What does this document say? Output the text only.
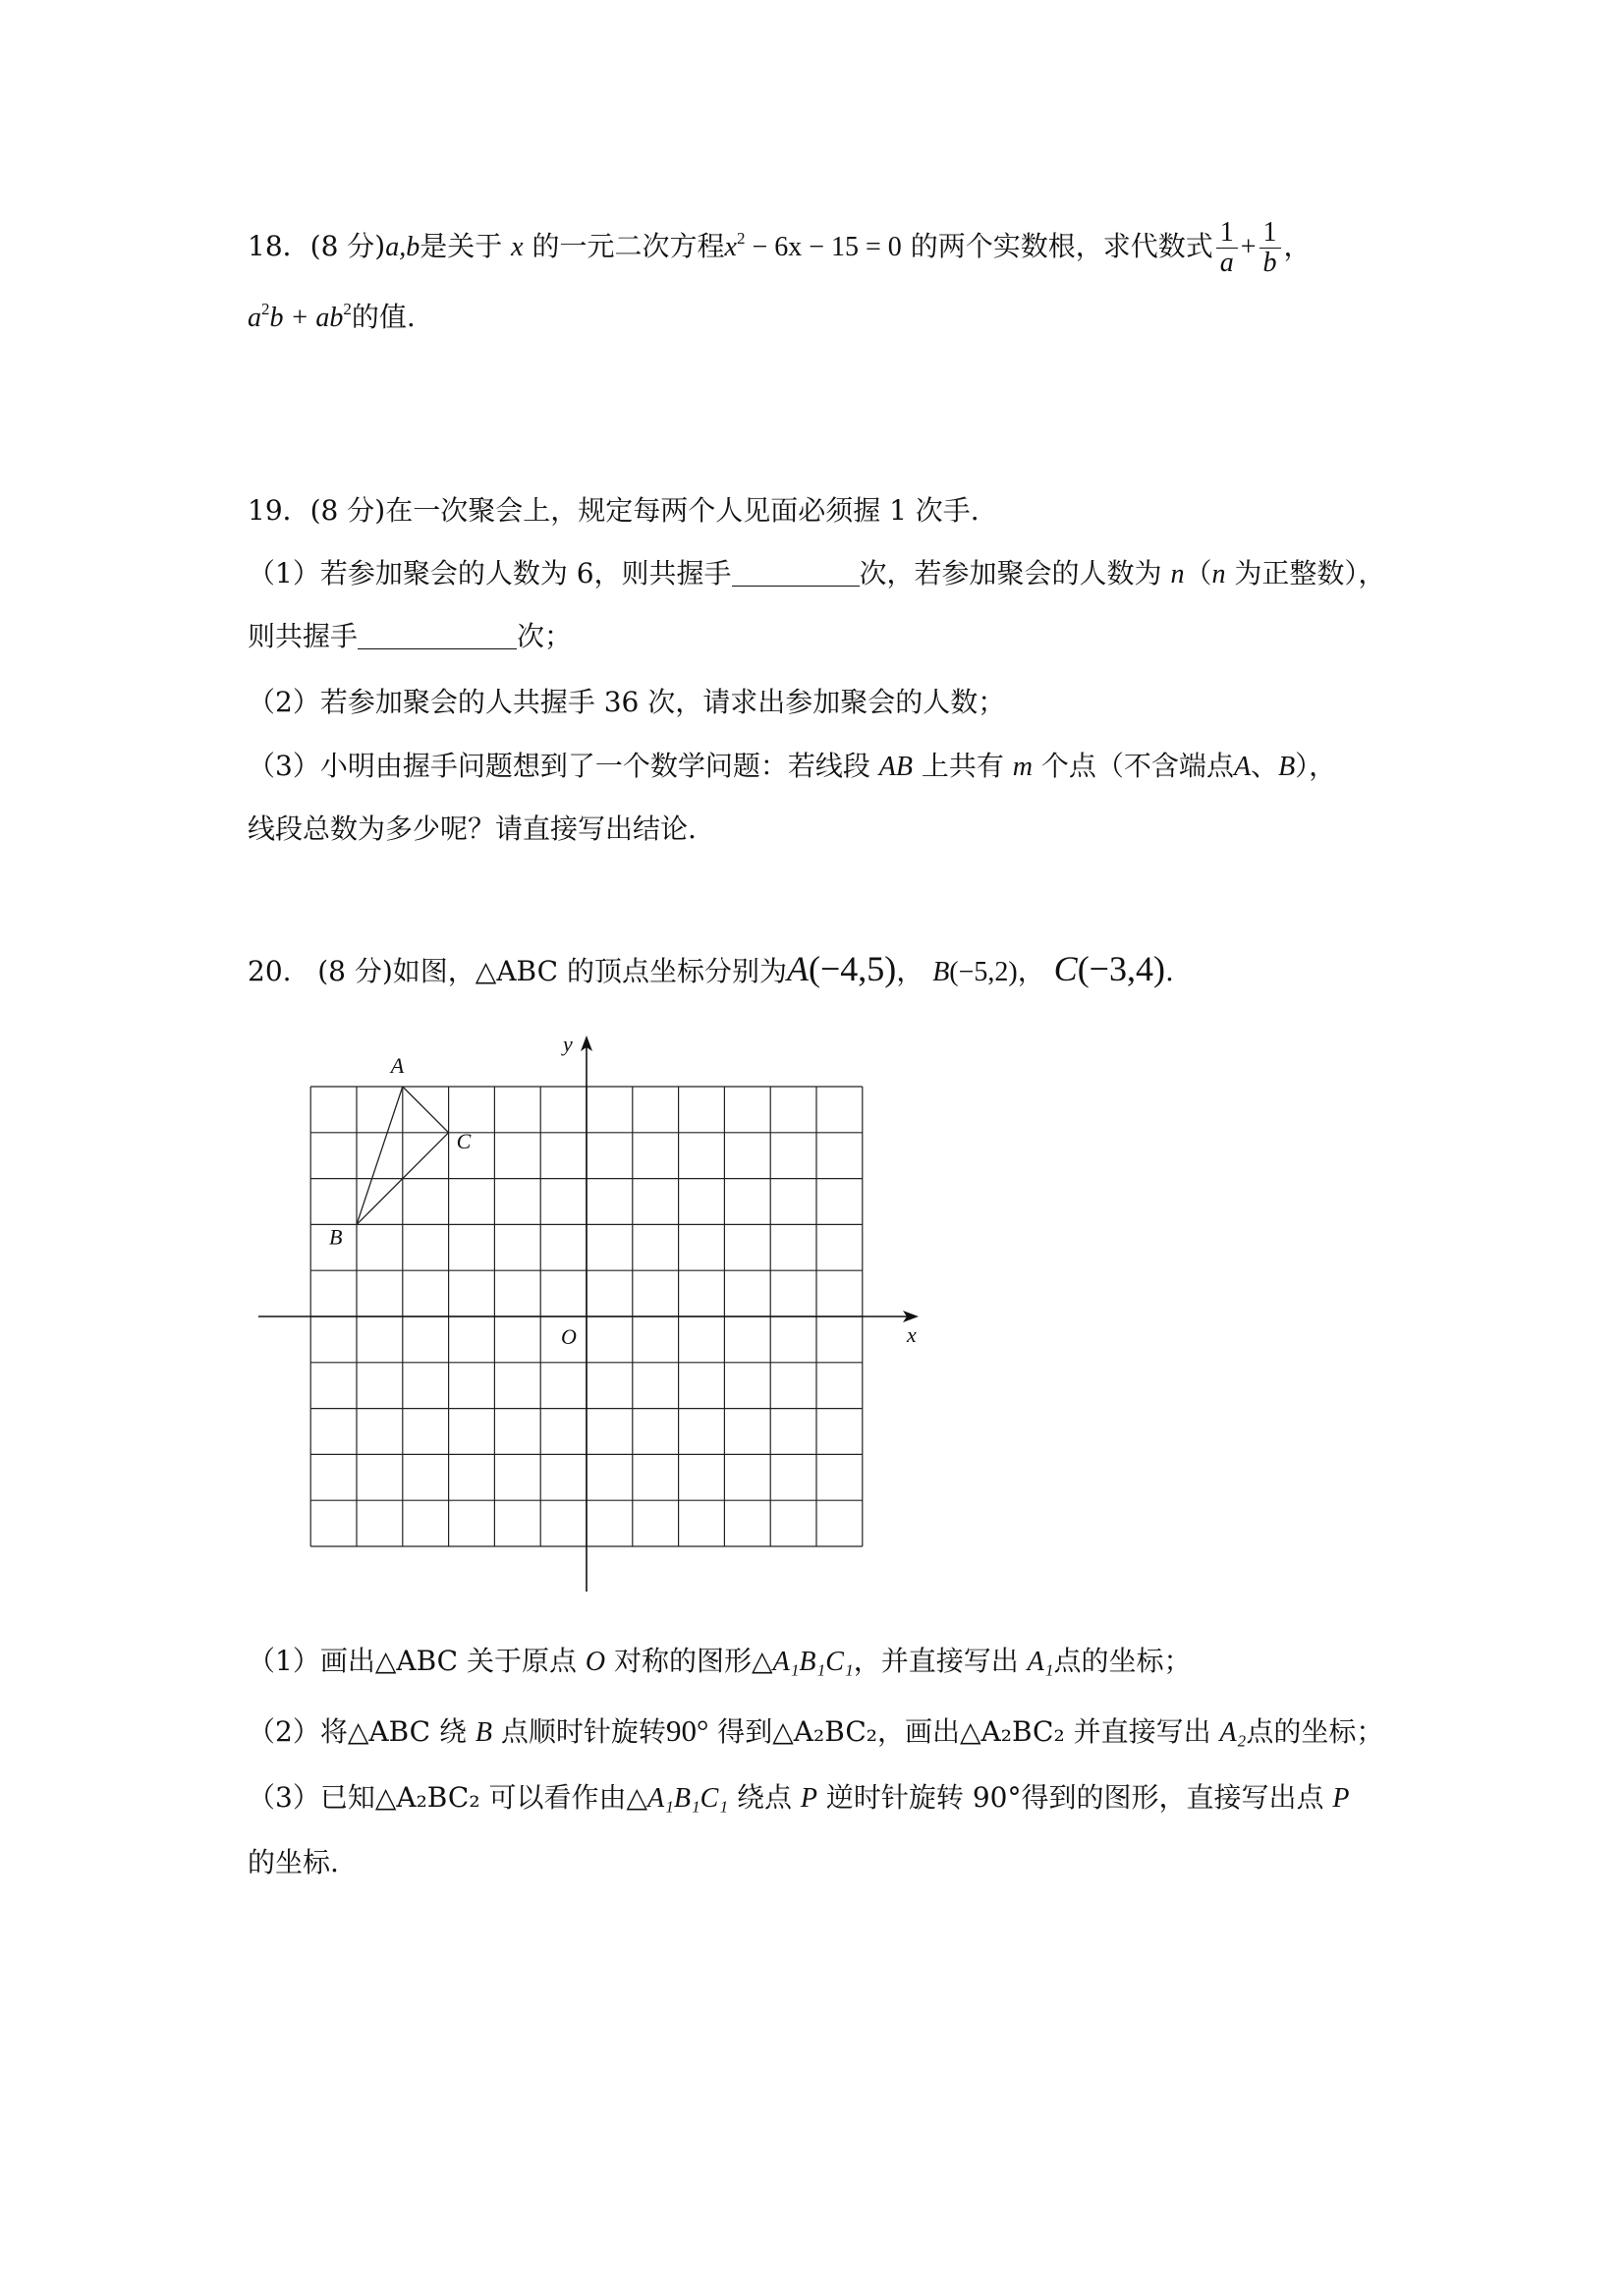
18．(8 分)a,b是关于 x 的一元二次方程$x^2 - 6x - 15 = 0$ 的两个实数根，求代数式 $\frac{1}{a} + \frac{1}{b}$ ，
$a^2b + ab^2$的值.
19．(8 分)在一次聚会上，规定每两个人见面必须握 1 次手.
（1）若参加聚会的人数为 6，则共握手	次，若参加聚会的人数为 n（n 为正整数），
则共握手	次；
（2）若参加聚会的人共握手 36 次，请求出参加聚会的人数；
（3）小明由握手问题想到了一个数学问题：若线段 AB 上共有 m 个点（不含端点A、B），
线段总数为多少呢？请直接写出结论.
20. (8 分)如图，△ABC 的顶点坐标分别为A(−4,5)， B(−5,2)， C(−3,4).
x
y
O
A
B
C
（1）画出△ABC 关于原点 O 对称的图形△A₁B₁C₁，并直接写出 A₁点的坐标；
（2）将△ABC 绕 B 点顺时针旋转90° 得到△A₂BC₂，画出△A₂BC₂ 并直接写出 A₂点的坐标；
（3）已知△A₂BC₂ 可以看作由△A₁B₁C₁ 绕点 P 逆时针旋转 90°得到的图形，直接写出点 P
的坐标.
